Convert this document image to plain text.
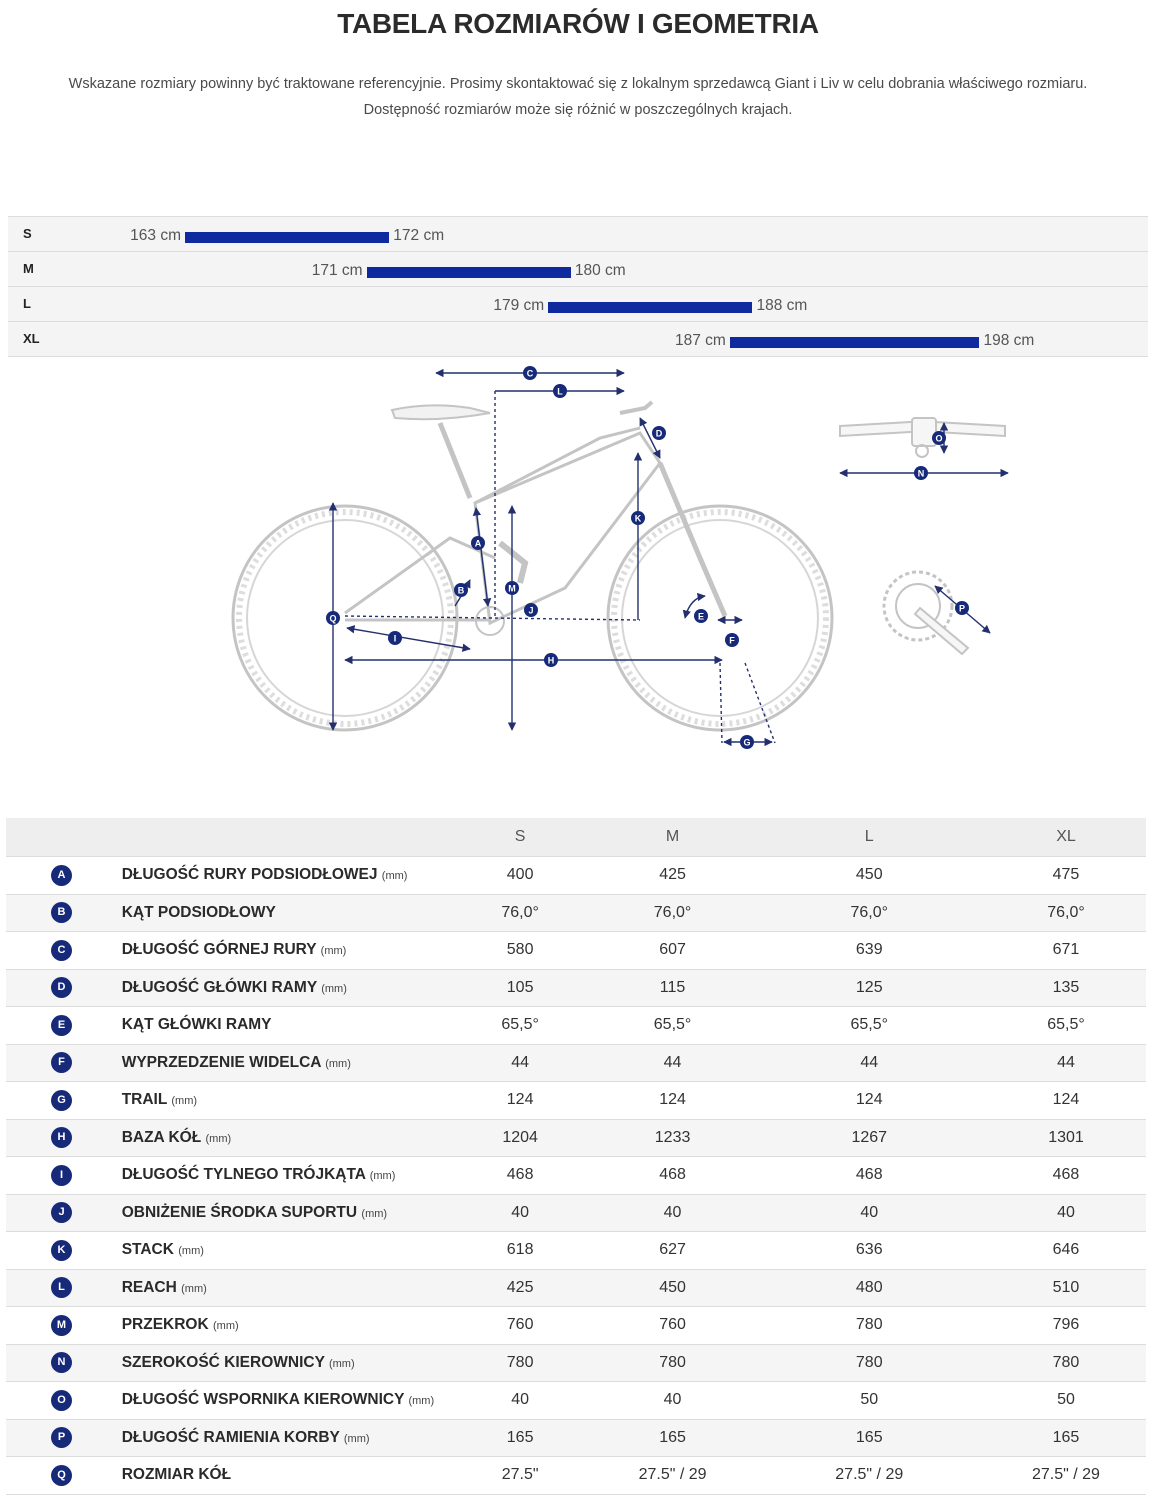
TABELA ROZMIARÓW I GEOMETRIA

Wskazane rozmiary powinny być traktowane referencyjnie. Prosimy skontaktować się z lokalnym sprzedawcą Giant i Liv w celu dobrania właściwego rozmiaru.

Dostępność rozmiarów może się różnić w poszczególnych krajach.

S	163 cm	172 cm
M	171 cm	180 cm
L	179 cm	188 cm
XL	187 cm	198 cm
A
B
C
D
E
F
G
H
I
J
K
L
M
N
O
P
Q
		S	M	L	XL
A	DŁUGOŚĆ RURY PODSIODŁOWEJ (mm)	400	425	450	475
B	KĄT PODSIODŁOWY	76,0°	76,0°	76,0°	76,0°
C	DŁUGOŚĆ GÓRNEJ RURY (mm)	580	607	639	671
D	DŁUGOŚĆ GŁÓWKI RAMY (mm)	105	115	125	135
E	KĄT GŁÓWKI RAMY	65,5°	65,5°	65,5°	65,5°
F	WYPRZEDZENIE WIDELCA (mm)	44	44	44	44
G	TRAIL (mm)	124	124	124	124
H	BAZA KÓŁ (mm)	1204	1233	1267	1301
I	DŁUGOŚĆ TYLNEGO TRÓJKĄTA (mm)	468	468	468	468
J	OBNIŻENIE ŚRODKA SUPORTU (mm)	40	40	40	40
K	STACK (mm)	618	627	636	646
L	REACH (mm)	425	450	480	510
M	PRZEKROK (mm)	760	760	780	796
N	SZEROKOŚĆ KIEROWNICY (mm)	780	780	780	780
O	DŁUGOŚĆ WSPORNIKA KIEROWNICY (mm)	40	40	50	50
P	DŁUGOŚĆ RAMIENIA KORBY (mm)	165	165	165	165
Q	ROZMIAR KÓŁ	27.5"	27.5" / 29	27.5" / 29	27.5" / 29
